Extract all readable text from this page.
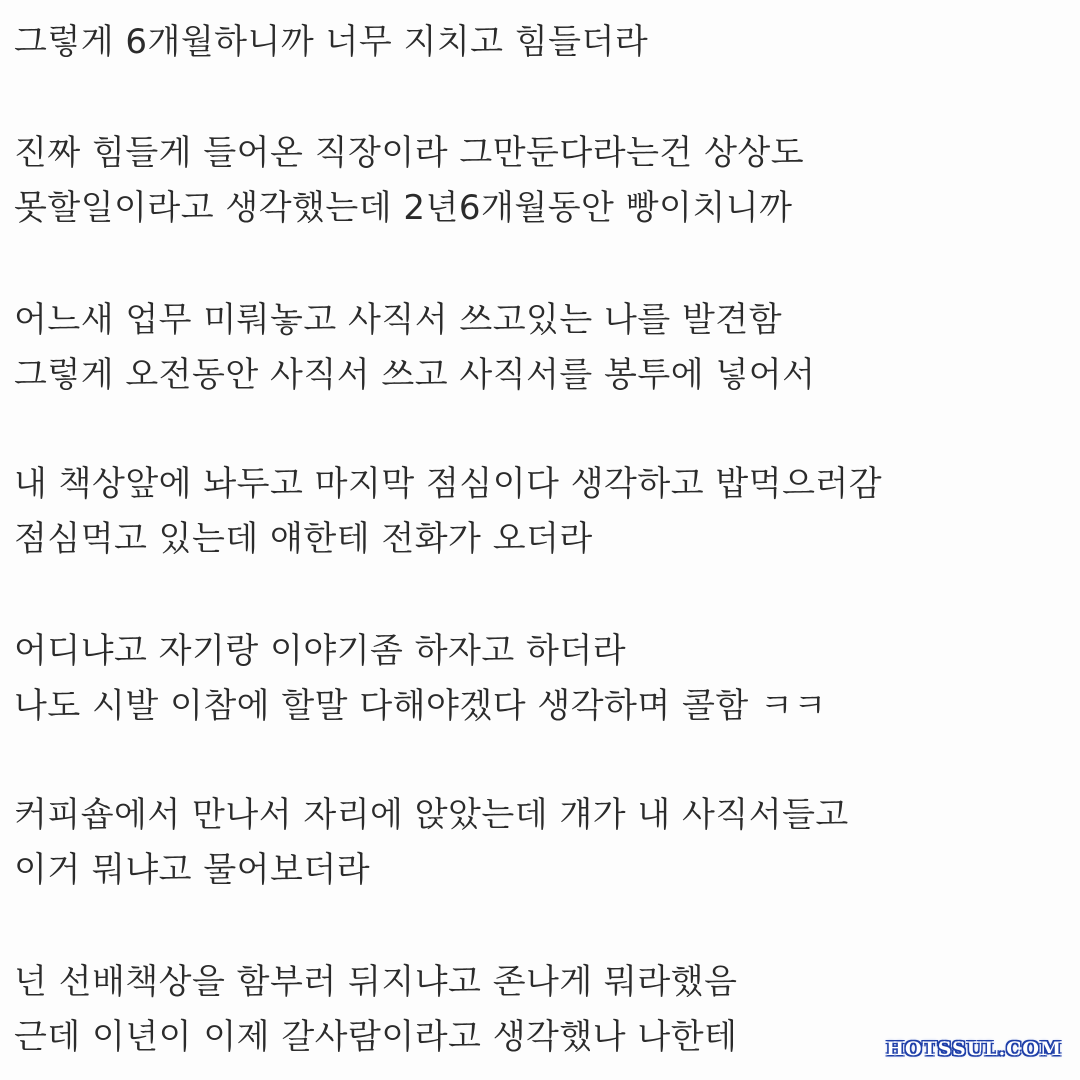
그렇게 6개월하니까 너무 지치고 힘들더라
진짜 힘들게 들어온 직장이라 그만둔다라는건 상상도
못할일이라고 생각했는데 2년6개월동안 빵이치니까
어느새 업무 미뤄놓고 사직서 쓰고있는 나를 발견함
그렇게 오전동안 사직서 쓰고 사직서를 봉투에 넣어서
내 책상앞에 놔두고 마지막 점심이다 생각하고 밥먹으러감
점심먹고 있는데 얘한테 전화가 오더라
어디냐고 자기랑 이야기좀 하자고 하더라
나도 시발 이참에 할말 다해야겠다 생각하며 콜함 ㅋㅋ
커피숍에서 만나서 자리에 앉았는데 걔가 내 사직서들고
이거 뭐냐고 물어보더라
넌 선배책상을 함부러 뒤지냐고 존나게 뭐라했음
근데 이년이 이제 갈사람이라고 생각했나 나한테	HOTSSUL.COM
